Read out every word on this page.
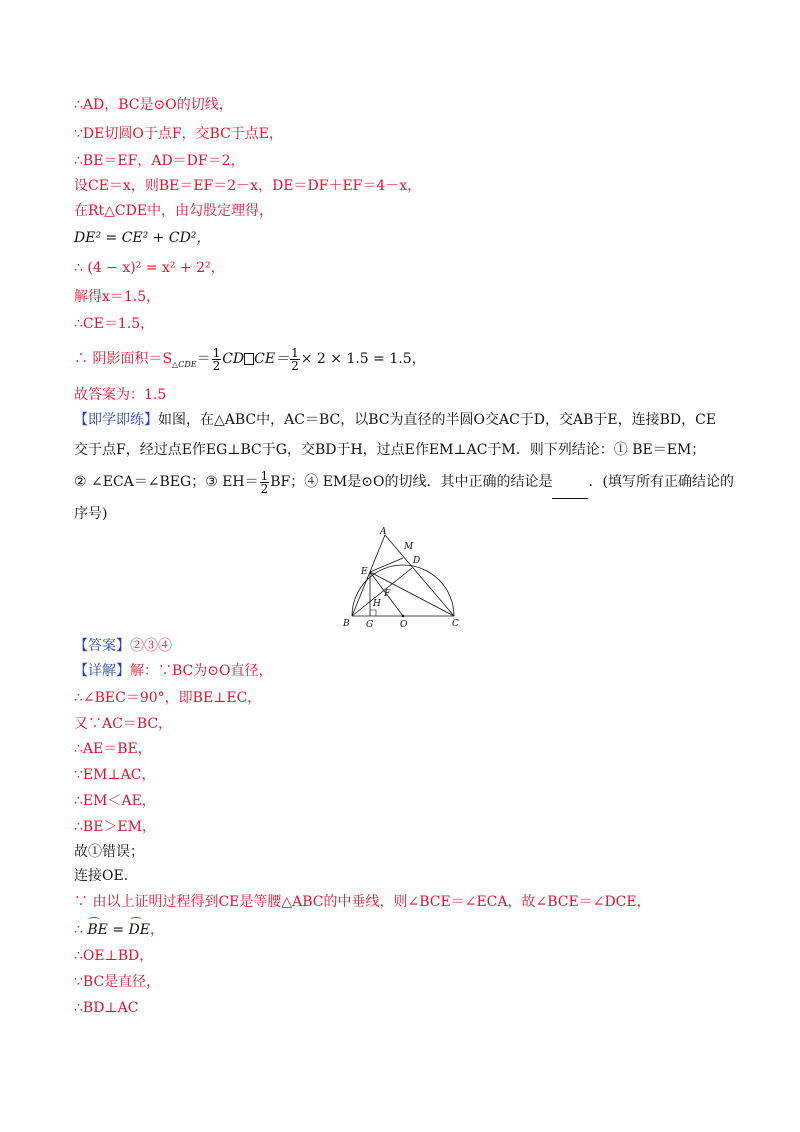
∴AD，BC是⊙O的切线，
∵DE切圆O于点F，交BC于点E，
∴BE＝EF，AD＝DF＝2，
设CE＝x，则BE＝EF＝2－x，DE＝DF＋EF＝4－x，
在Rt△CDE中，由勾股定理得，
DE² = CE² + CD²，
∴ (4 − x)² = x² + 2²，
解得x＝1.5，
∴CE＝1.5，
∴ 阴影面积$=S_{\triangle CDE}= \frac{1}{2}$ CD $CE= \frac{1}{2} \times 2 \times 1.5 = 1.5$，
故答案为：1.5
【即学即练】如图，在△ABC中，AC＝BC，以BC为直径的半圆O交AC于D，交AB于E，连接BD，CE
交于点F，经过点E作EG⊥BC于G，交BD于H，过点E作EM⊥AC于M．则下列结论：① BE＝EM；
② ∠ECA＝∠BEG；③ $EH= \frac{1}{2}$ BF；④ EM是⊙O的切线．其中正确的结论是	．(填写所有正确结论的
序号)
A
M
D
E
F
H
B G	O	C
【答案】②③④
【详解】解：∵BC为⊙O直径，
∴∠BEC＝90°，即BE⊥EC，
又∵AC＝BC，
∴AE＝BE，
∵EM⊥AC，
∴EM＜AE，
∴BE＞EM，
故①错误；
连接OE．
∵ 由以上证明过程得到CE是等腰△ABC的中垂线，则∠BCE＝∠ECA，故∠BCE＝∠DCE，
∴ BE = DE，
∴OE⊥BD，
∵BC是直径，
∴BD⊥AC
